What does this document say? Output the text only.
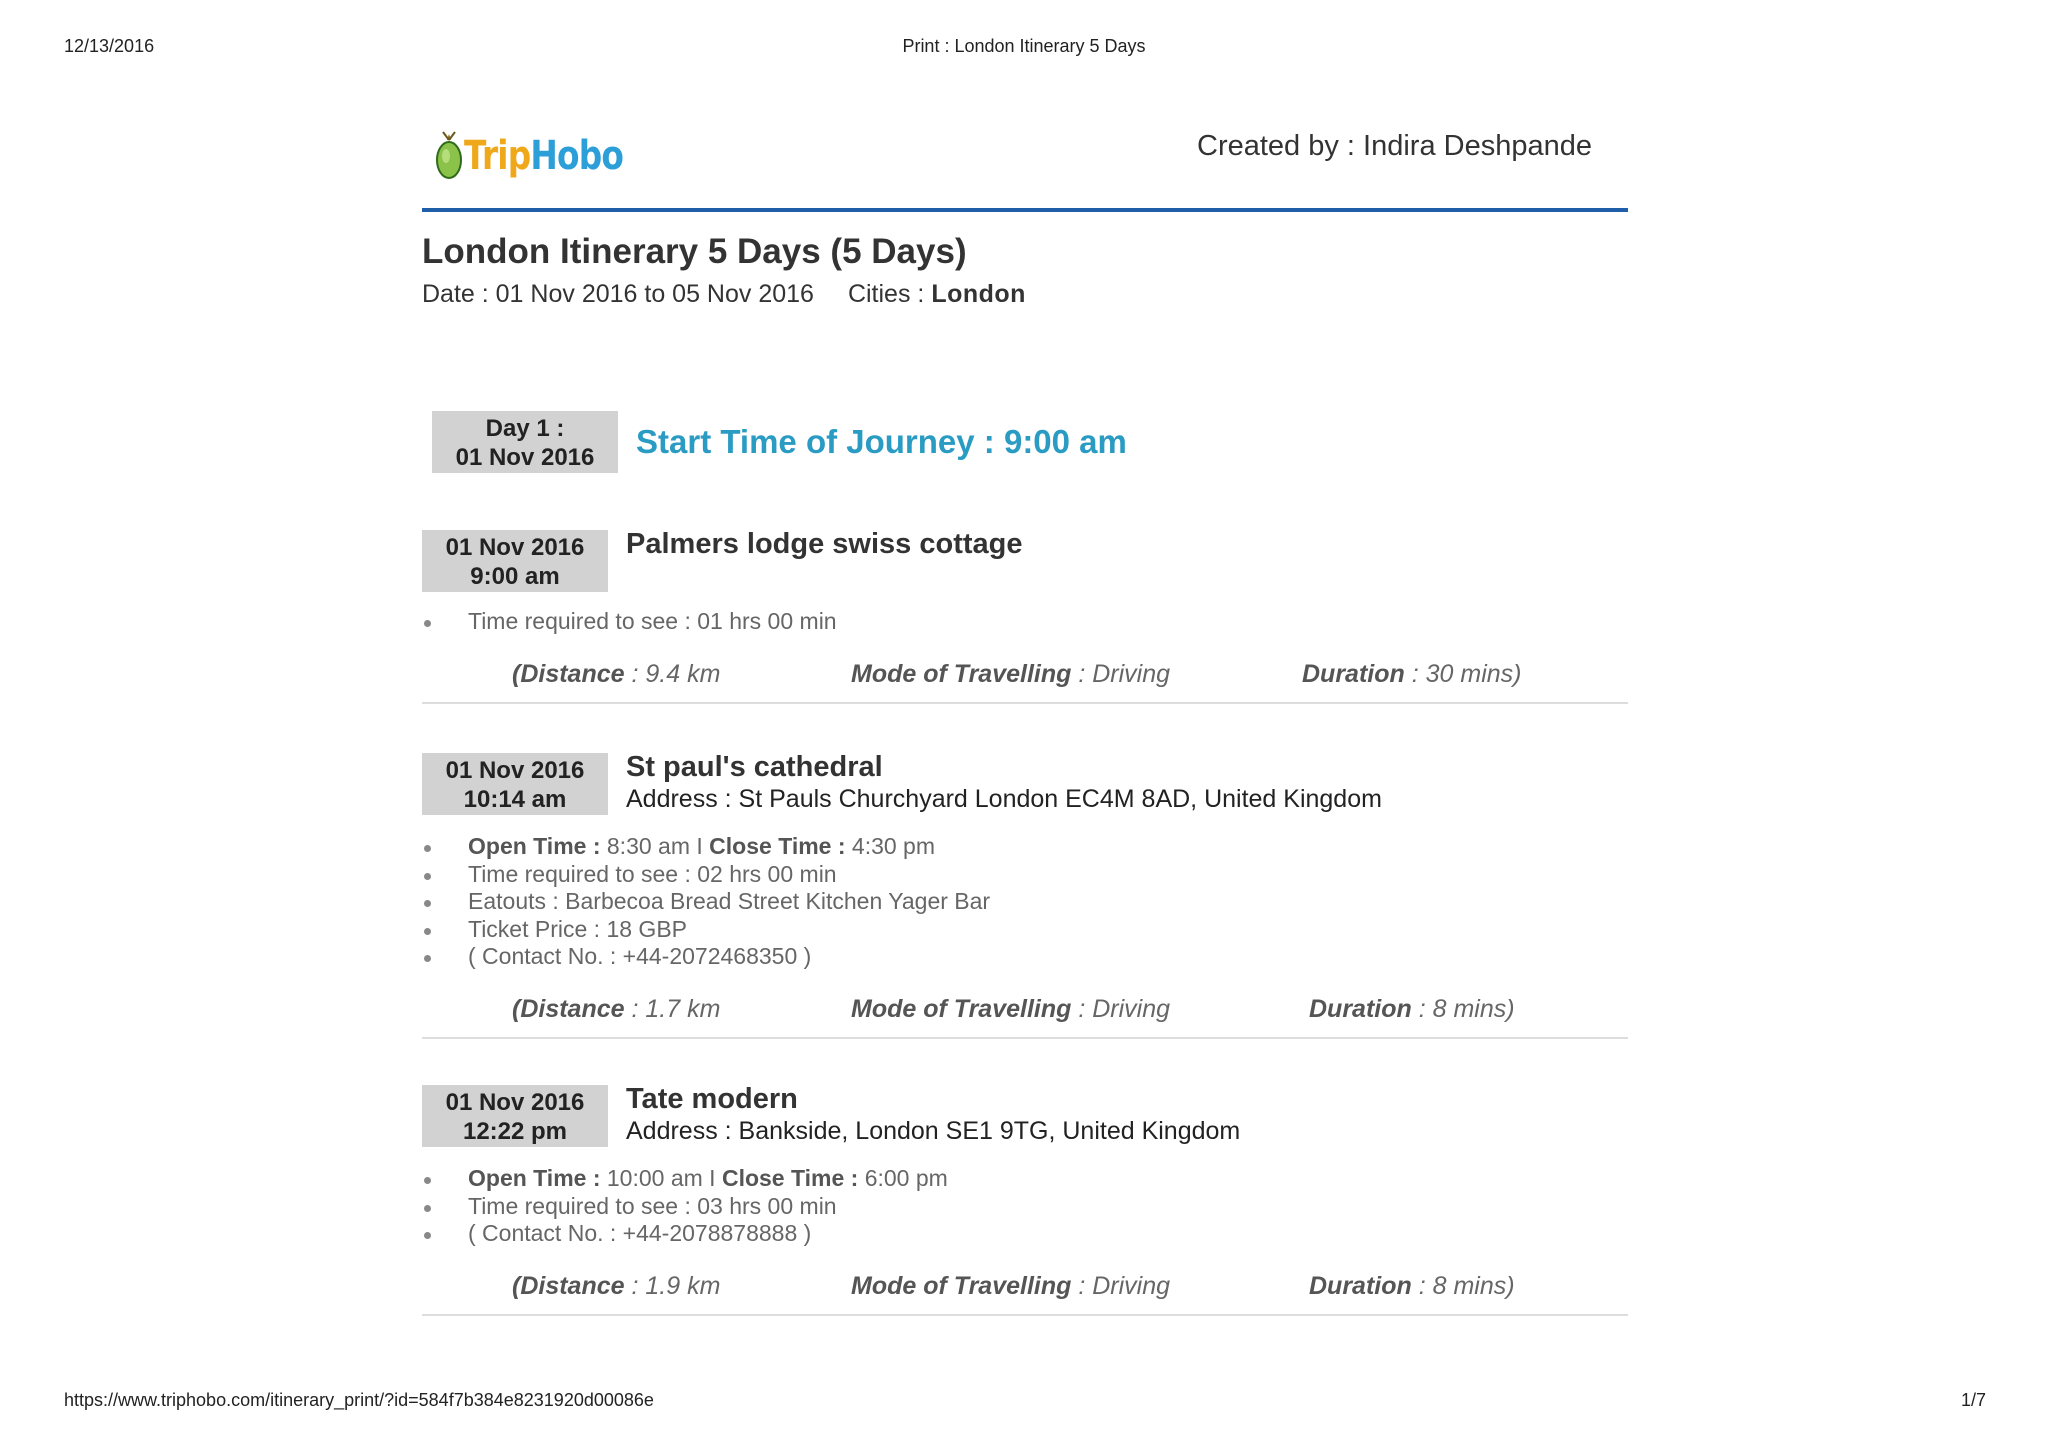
12/13/2016	Print : London Itinerary 5 Days
TripHobo	Created by : Indira Deshpande
London Itinerary 5 Days (5 Days)
Date : 01 Nov 2016 to 05 Nov 2016 Cities : London
Day 1 :
01 Nov 2016	Start Time of Journey : 9:00 am
01 Nov 2016
9:00 am
Palmers lodge swiss cottage
Time required to see : 01 hrs 00 min
(Distance : 9.4 km	Mode of Travelling : Driving	Duration : 30 mins)
01 Nov 2016
10:14 am
St paul's cathedral
Address : St Pauls Churchyard London EC4M 8AD, United Kingdom
Open Time : 8:30 am I Close Time : 4:30 pm
Time required to see : 02 hrs 00 min
Eatouts : Barbecoa Bread Street Kitchen Yager Bar
Ticket Price : 18 GBP
( Contact No. : +44-2072468350 )
(Distance : 1.7 km	Mode of Travelling : Driving	Duration : 8 mins)
01 Nov 2016
12:22 pm
Tate modern
Address : Bankside, London SE1 9TG, United Kingdom
Open Time : 10:00 am I Close Time : 6:00 pm
Time required to see : 03 hrs 00 min
( Contact No. : +44-2078878888 )
(Distance : 1.9 km	Mode of Travelling : Driving	Duration : 8 mins)
https://www.triphobo.com/itinerary_print/?id=584f7b384e8231920d00086e	1/7
